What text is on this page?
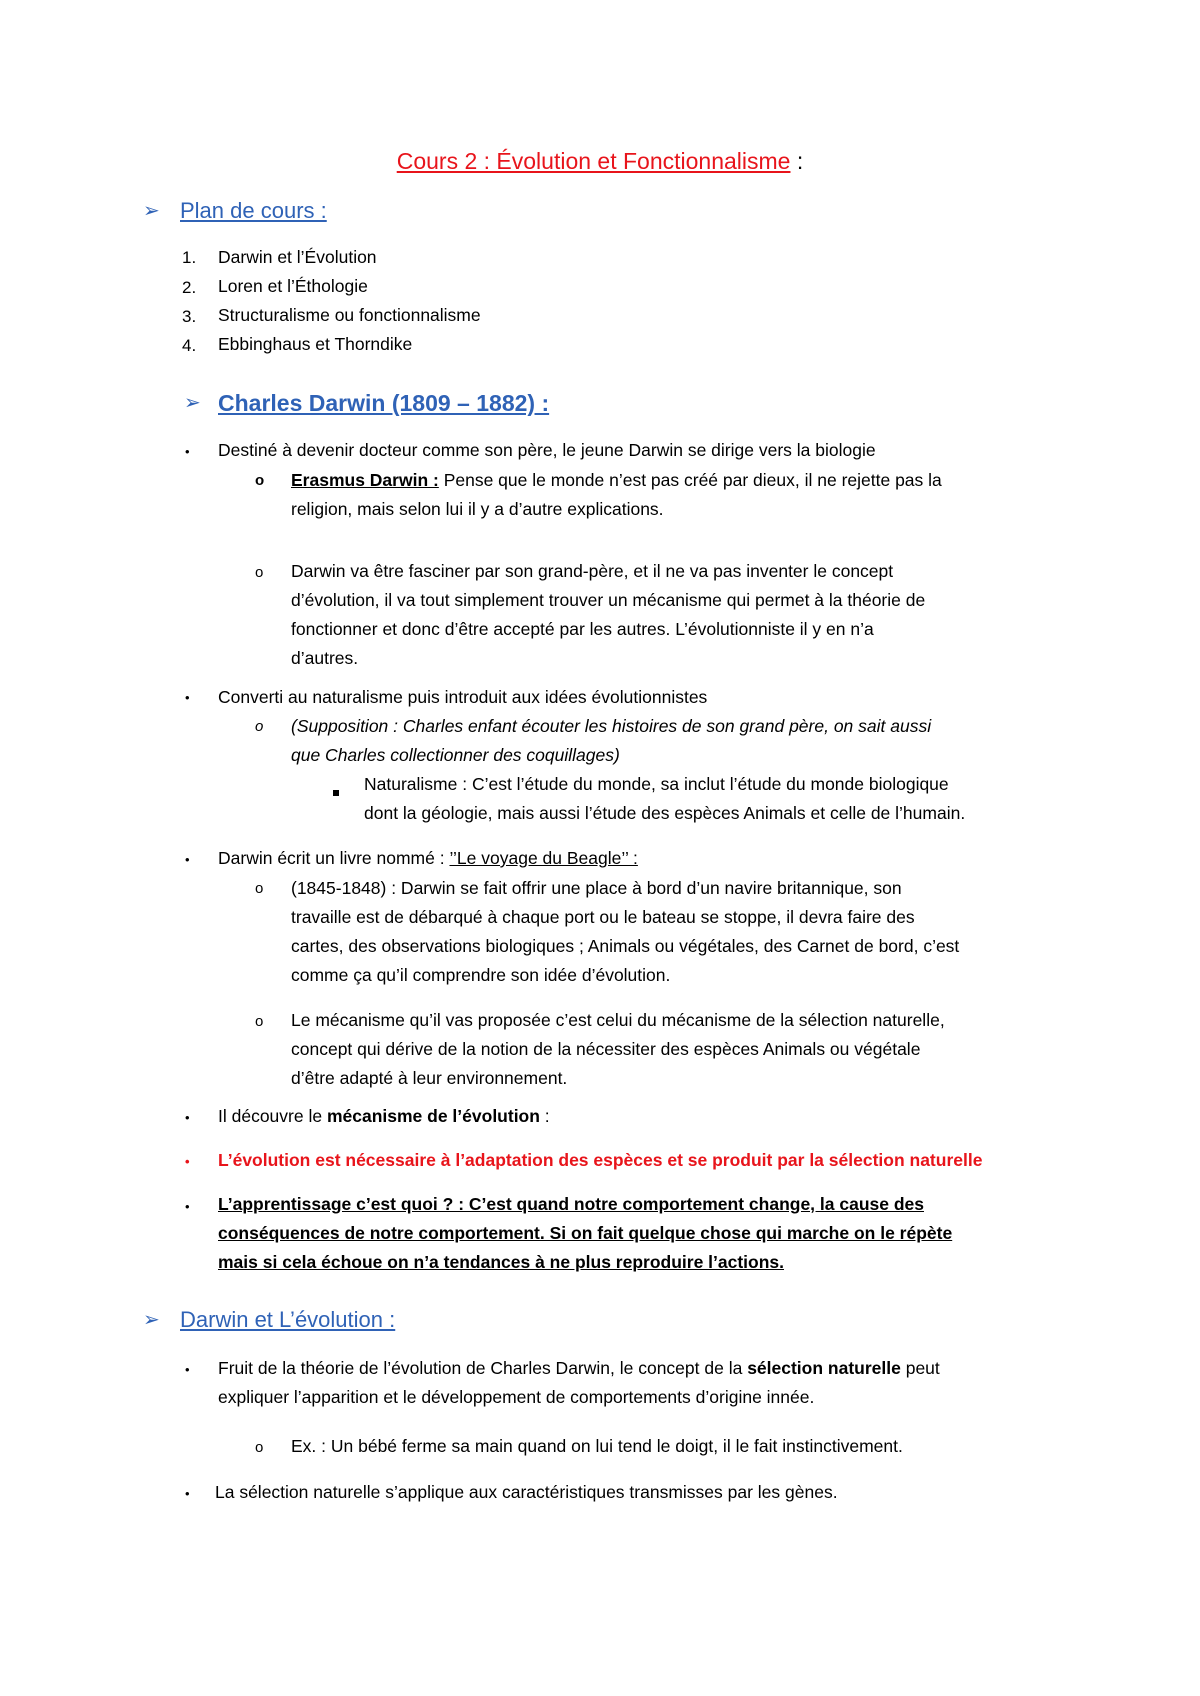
Cours 2 : Évolution et Fonctionnalisme :
➢ Plan de cours :
1. Darwin et l’Évolution
2. Loren et l’Éthologie
3. Structuralisme ou fonctionnalisme
4. Ebbinghaus et Thorndike
➢ Charles Darwin (1809 – 1882) :
• Destiné à devenir docteur comme son père, le jeune Darwin se dirige vers la biologie
o Erasmus Darwin : Pense que le monde n’est pas créé par dieux, il ne rejette pas la
religion, mais selon lui il y a d’autre explications.
o Darwin va être fasciner par son grand-père, et il ne va pas inventer le concept
d’évolution, il va tout simplement trouver un mécanisme qui permet à la théorie de
fonctionner et donc d’être accepté par les autres. L’évolutionniste il y en n’a
d’autres.
• Converti au naturalisme puis introduit aux idées évolutionnistes
o (Supposition : Charles enfant écouter les histoires de son grand père, on sait aussi
que Charles collectionner des coquillages)
Naturalisme : C’est l’étude du monde, sa inclut l’étude du monde biologique
dont la géologie, mais aussi l’étude des espèces Animals et celle de l’humain.
• Darwin écrit un livre nommé : ’’Le voyage du Beagle’’ :
o (1845-1848) : Darwin se fait offrir une place à bord d’un navire britannique, son
travaille est de débarqué à chaque port ou le bateau se stoppe, il devra faire des
cartes, des observations biologiques ; Animals ou végétales, des Carnet de bord, c’est
comme ça qu’il comprendre son idée d’évolution.
o Le mécanisme qu’il vas proposée c’est celui du mécanisme de la sélection naturelle,
concept qui dérive de la notion de la nécessiter des espèces Animals ou végétale
d’être adapté à leur environnement.
• Il découvre le mécanisme de l’évolution :
• L’évolution est nécessaire à l’adaptation des espèces et se produit par la sélection naturelle
• L’apprentissage c’est quoi ? : C’est quand notre comportement change, la cause des
conséquences de notre comportement. Si on fait quelque chose qui marche on le répète
mais si cela échoue on n’a tendances à ne plus reproduire l’actions.
➢ Darwin et L’évolution :
• Fruit de la théorie de l’évolution de Charles Darwin, le concept de la sélection naturelle peut
expliquer l’apparition et le développement de comportements d’origine innée.
o Ex. : Un bébé ferme sa main quand on lui tend le doigt, il le fait instinctivement.
• La sélection naturelle s’applique aux caractéristiques transmisses par les gènes.
